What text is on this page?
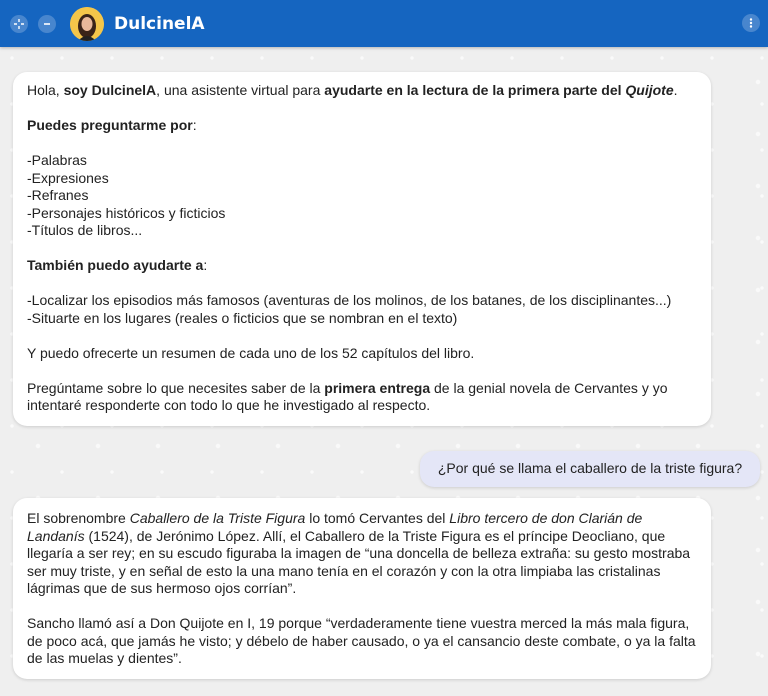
DulcinelA

Hola, soy DulcinelA, una asistente virtual para ayudarte en la lectura de la primera parte del Quijote.

Puedes preguntarme por:

-Palabras

-Expresiones

-Refranes

-Personajes históricos y ficticios

-Títulos de libros...

También puedo ayudarte a:

-Localizar los episodios más famosos (aventuras de los molinos, de los batanes, de los disciplinantes...)

-Situarte en los lugares (reales o ficticios que se nombran en el texto)

Y puedo ofrecerte un resumen de cada uno de los 52 capítulos del libro.

Pregúntame sobre lo que necesites saber de la primera entrega de la genial novela de Cervantes y yo intentaré responderte con todo lo que he investigado al respecto.

¿Por qué se llama el caballero de la triste figura?

El sobrenombre Caballero de la Triste Figura lo tomó Cervantes del Libro tercero de don Clarián de Landanís (1524), de Jerónimo López. Allí, el Caballero de la Triste Figura es el príncipe Deocliano, que llegaría a ser rey; en su escudo figuraba la imagen de “una doncella de belleza extraña: su gesto mostraba ser muy triste, y en señal de esto la una mano tenía en el corazón y con la otra limpiaba las cristalinas lágrimas que de sus hermoso ojos corrían”.

Sancho llamó así a Don Quijote en I, 19 porque “verdaderamente tiene vuestra merced la más mala figura, de poco acá, que jamás he visto; y débelo de haber causado, o ya el cansancio deste combate, o ya la falta de las muelas y dientes”.
